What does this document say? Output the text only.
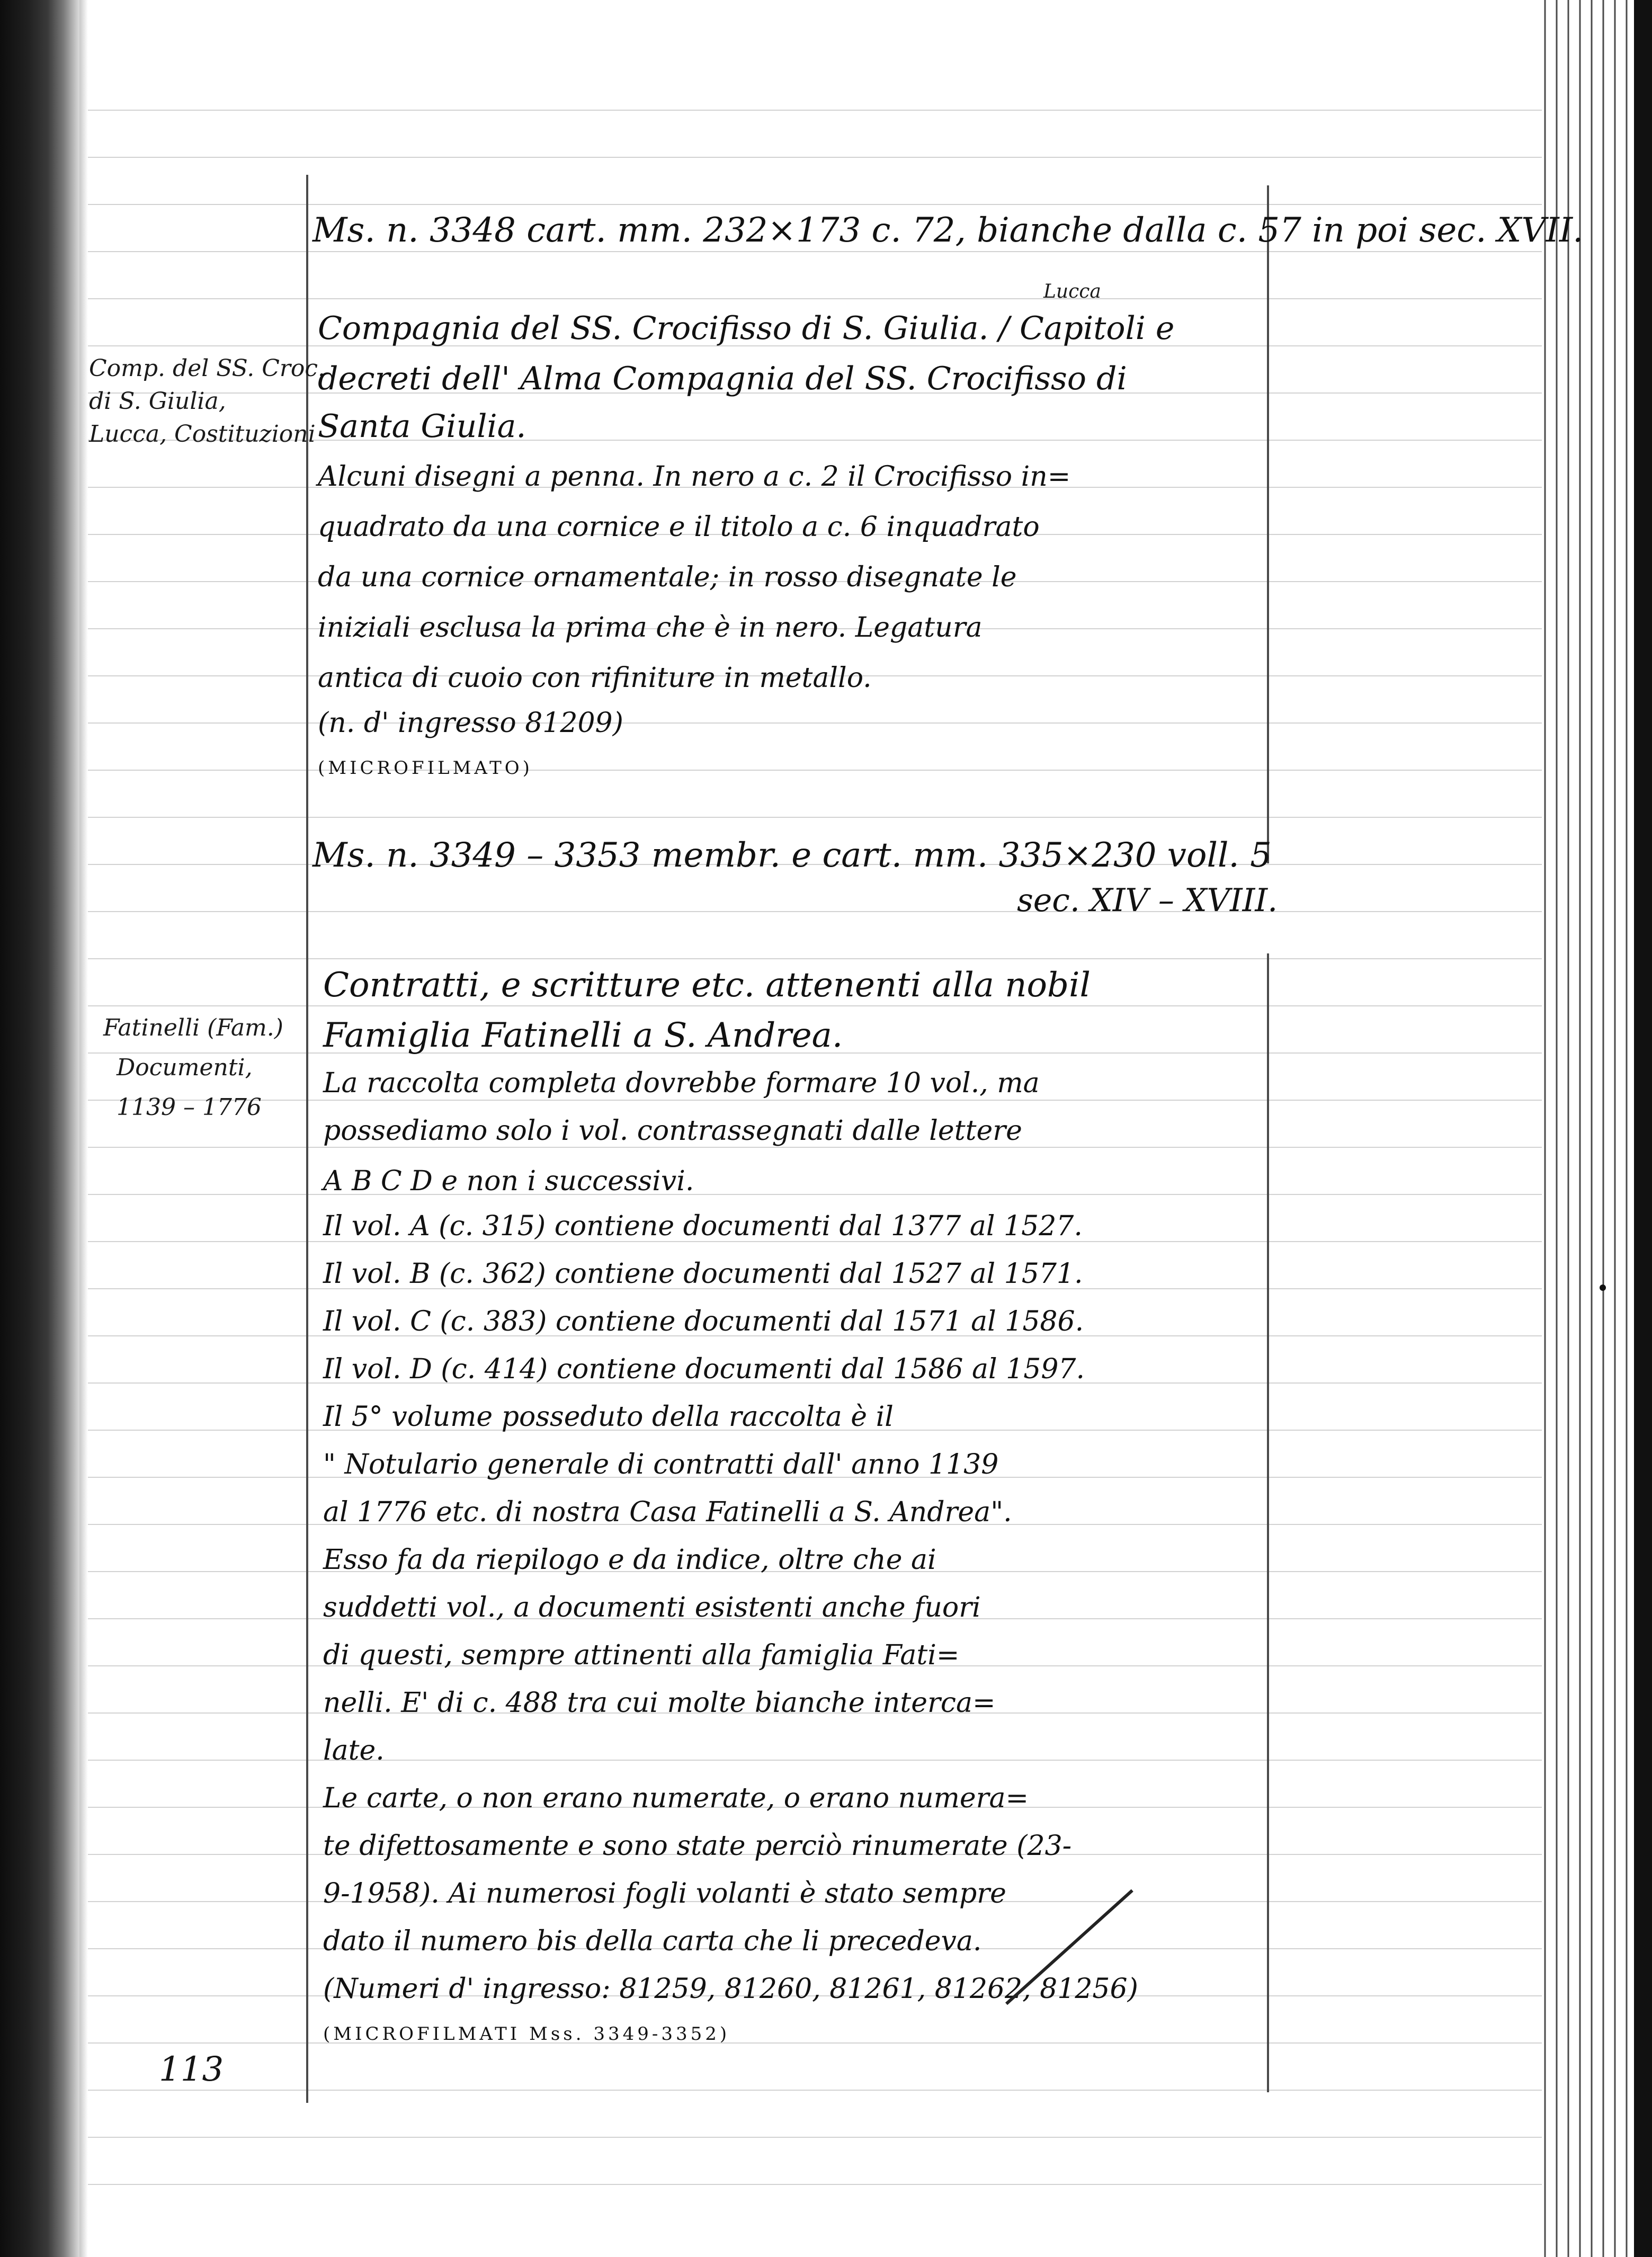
Ms. n. 3348 cart. mm. 232×173 c. 72, bianche dalla c. 57 in poi sec. XVII.
Lucca
Comp. del SS. Croc.
di S. Giulia,
Lucca, Costituzioni
Compagnia del SS. Crocifisso di S. Giulia. / Capitoli e
decreti dell' Alma Compagnia del SS. Crocifisso di
Santa Giulia.
Alcuni disegni a penna. In nero a c. 2 il Crocifisso in=
quadrato da una cornice e il titolo a c. 6 inquadrato
da una cornice ornamentale; in rosso disegnate le
iniziali esclusa la prima che è in nero. Legatura
antica di cuoio con rifiniture in metallo.
(n. d' ingresso 81209)
(MICROFILMATO)
Ms. n. 3349 – 3353 membr. e cart. mm. 335×230 voll. 5
sec. XIV – XVIII.
Fatinelli (Fam.)
Documenti,
1139 – 1776
Contratti, e scritture etc. attenenti alla nobil
Famiglia Fatinelli a S. Andrea.
La raccolta completa dovrebbe formare 10 vol., ma
possediamo solo i vol. contrassegnati dalle lettere
A B C D e non i successivi.
Il vol. A (c. 315) contiene documenti dal 1377 al 1527.
Il vol. B (c. 362) contiene documenti dal 1527 al 1571.
Il vol. C (c. 383) contiene documenti dal 1571 al 1586.
Il vol. D (c. 414) contiene documenti dal 1586 al 1597.
Il 5° volume posseduto della raccolta è il
" Notulario generale di contratti dall' anno 1139
al 1776 etc. di nostra Casa Fatinelli a S. Andrea".
Esso fa da riepilogo e da indice, oltre che ai
suddetti vol., a documenti esistenti anche fuori
di questi, sempre attinenti alla famiglia Fati=
nelli. E' di c. 488 tra cui molte bianche interca=
late.
Le carte, o non erano numerate, o erano numera=
te difettosamente e sono state perciò rinumerate (23-
9-1958). Ai numerosi fogli volanti è stato sempre
dato il numero bis della carta che li precedeva.
(Numeri d' ingresso: 81259, 81260, 81261, 81262, 81256)
(MICROFILMATI Mss. 3349-3352)
113
